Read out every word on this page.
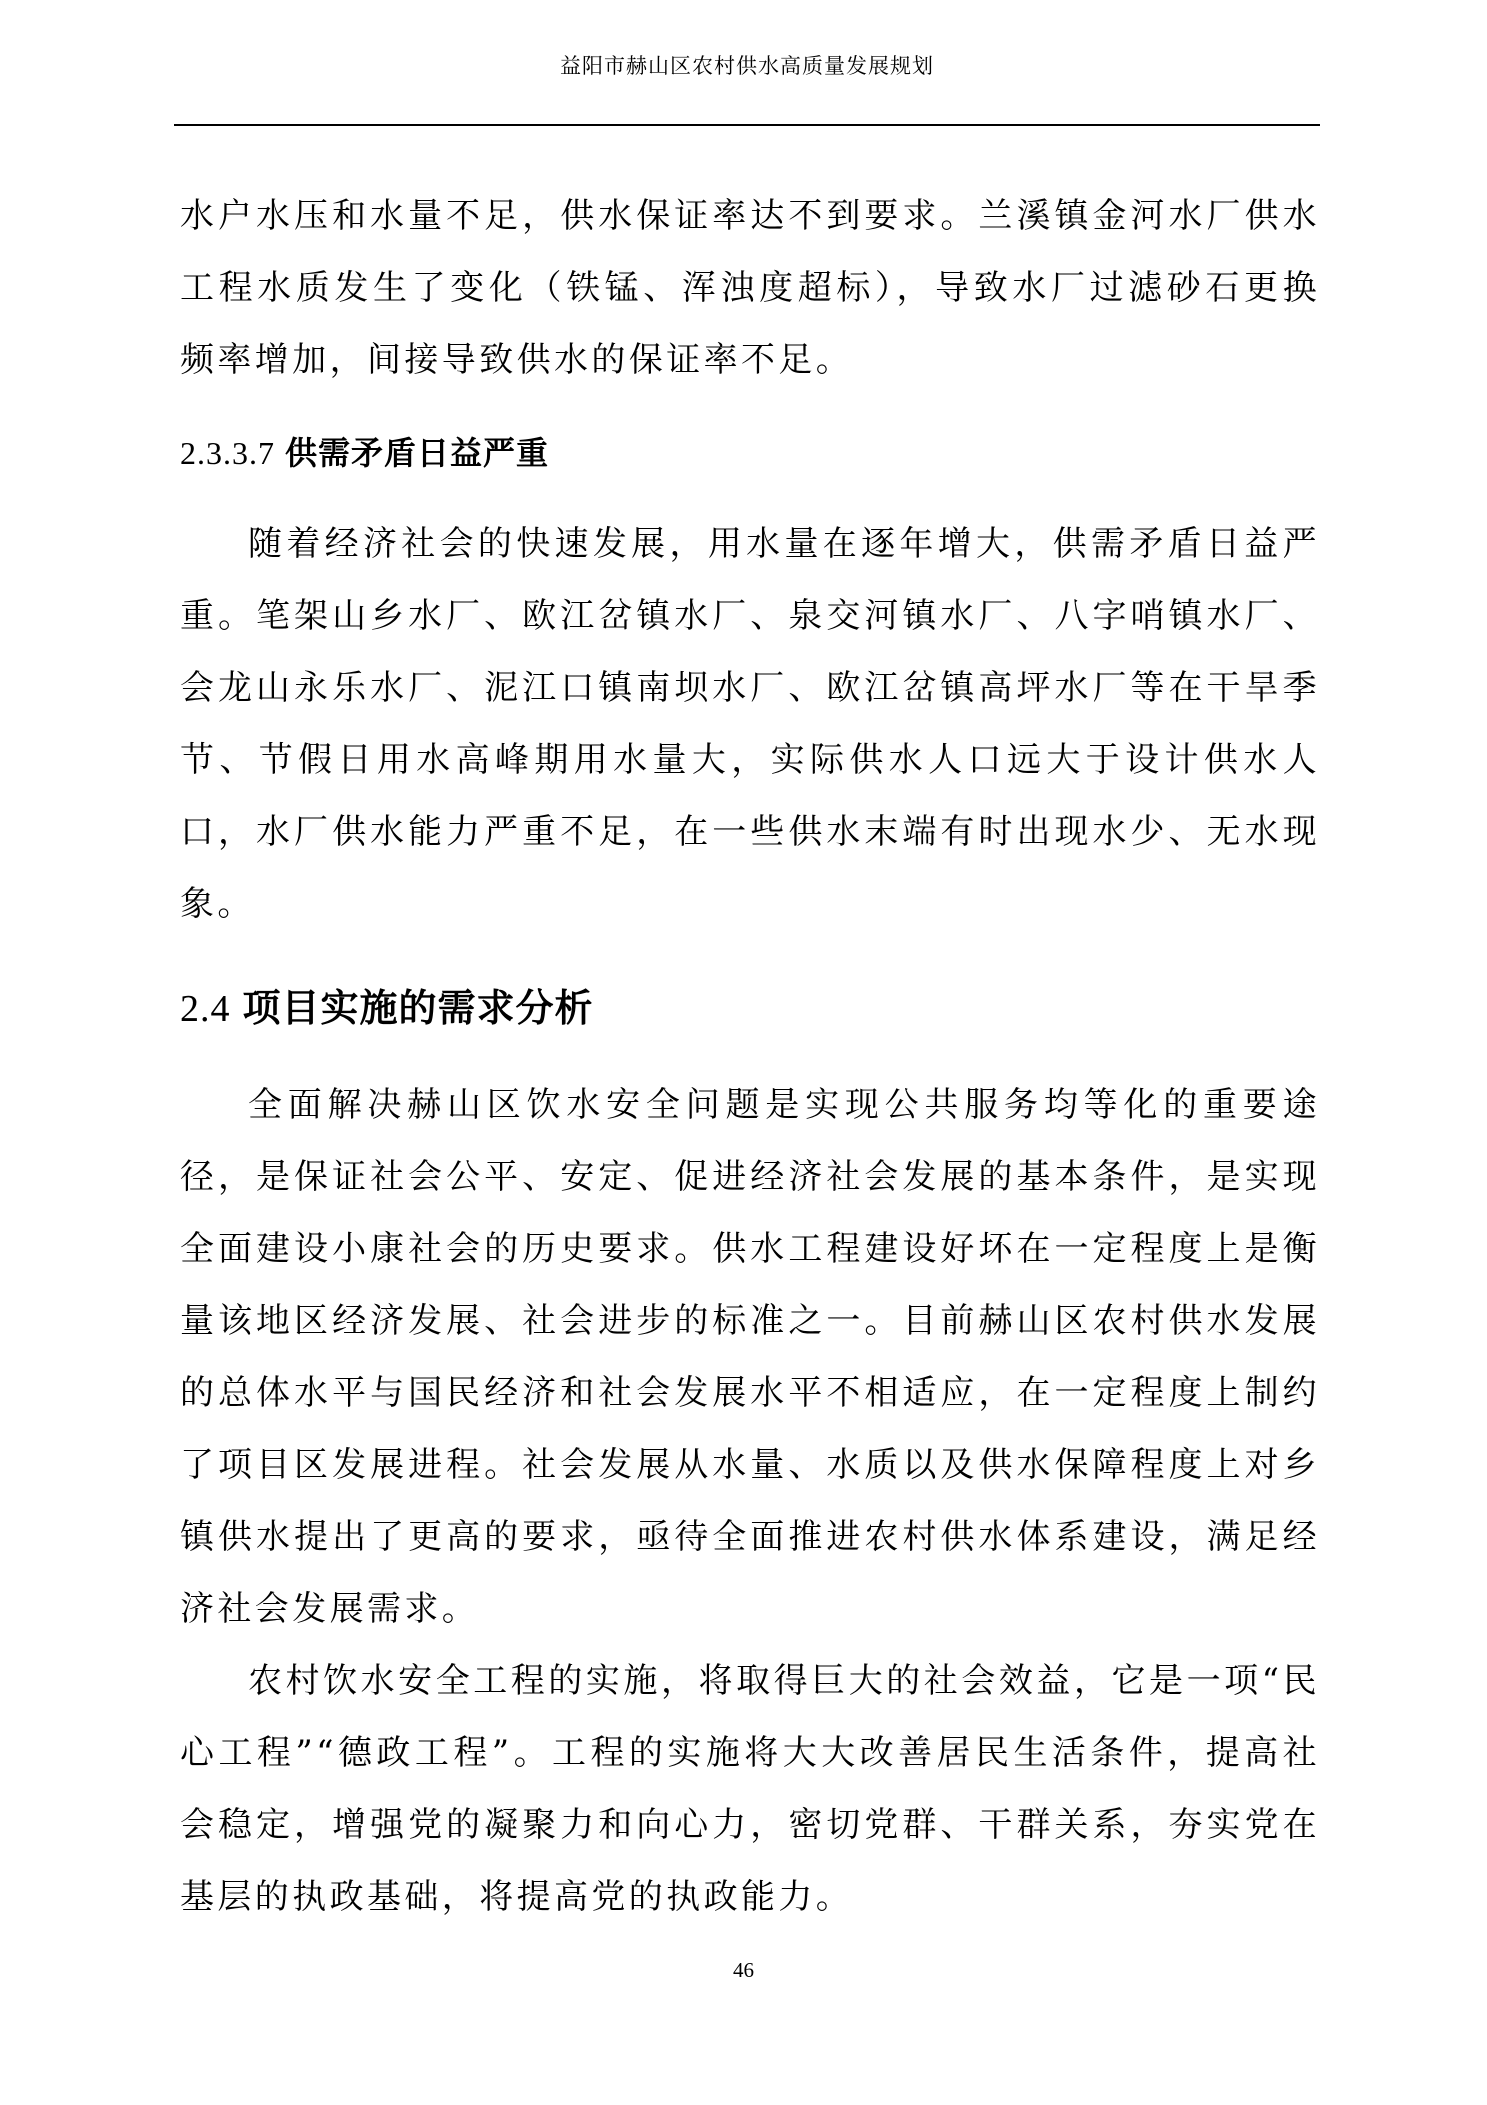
益阳市赫山区农村供水高质量发展规划

水户水压和水量不足，供水保证率达不到要求。兰溪镇金河水厂供水工程水质发生了变化（铁锰、浑浊度超标），导致水厂过滤砂石更换频率增加，间接导致供水的保证率不足。

2.3.3.7 供需矛盾日益严重

随着经济社会的快速发展，用水量在逐年增大，供需矛盾日益严重。笔架山乡水厂、欧江岔镇水厂、泉交河镇水厂、八字哨镇水厂、会龙山永乐水厂、泥江口镇南坝水厂、欧江岔镇高坪水厂等在干旱季节、节假日用水高峰期用水量大，实际供水人口远大于设计供水人口，水厂供水能力严重不足，在一些供水末端有时出现水少、无水现象。

2.4 项目实施的需求分析

全面解决赫山区饮水安全问题是实现公共服务均等化的重要途径，是保证社会公平、安定、促进经济社会发展的基本条件，是实现全面建设小康社会的历史要求。供水工程建设好坏在一定程度上是衡量该地区经济发展、社会进步的标准之一。目前赫山区农村供水发展的总体水平与国民经济和社会发展水平不相适应，在一定程度上制约了项目区发展进程。社会发展从水量、水质以及供水保障程度上对乡镇供水提出了更高的要求，亟待全面推进农村供水体系建设，满足经济社会发展需求。

农村饮水安全工程的实施，将取得巨大的社会效益，它是一项“民心工程”“德政工程”。工程的实施将大大改善居民生活条件，提高社会稳定，增强党的凝聚力和向心力，密切党群、干群关系，夯实党在基层的执政基础，将提高党的执政能力。

46
